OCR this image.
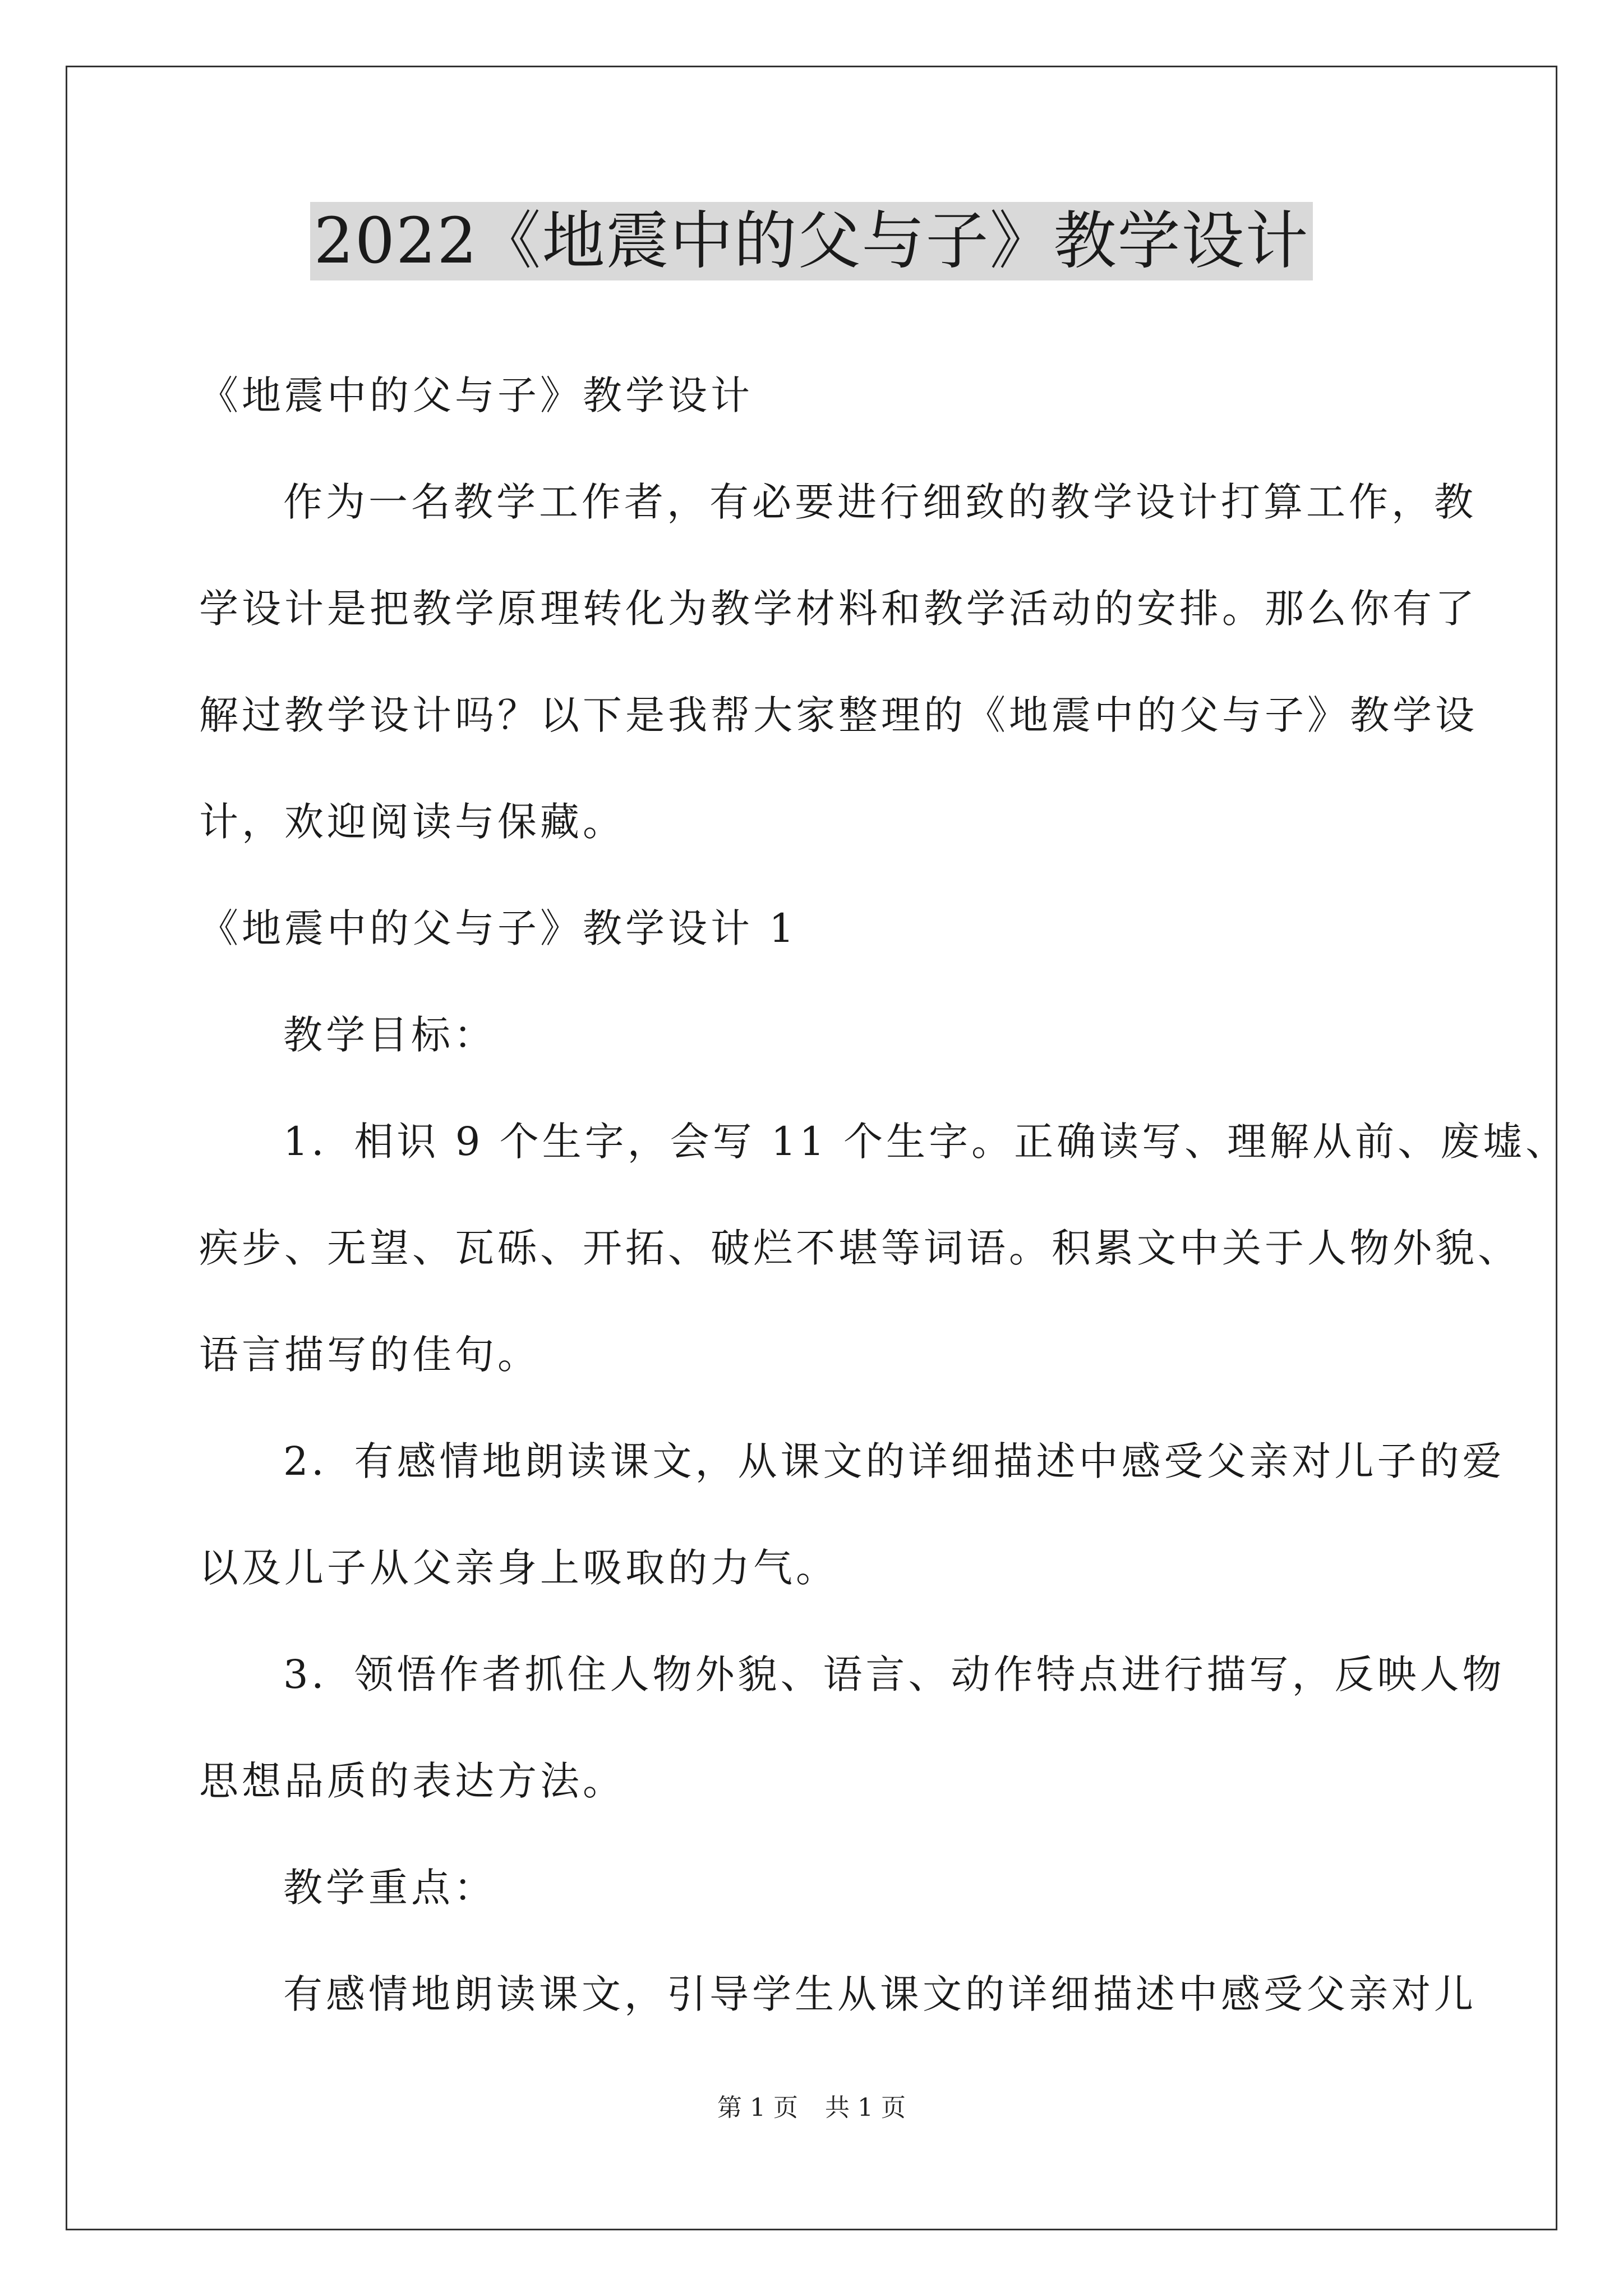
2022《地震中的父与子》教学设计
《地震中的父与子》教学设计
作为一名教学工作者，有必要进行细致的教学设计打算工作，教
学设计是把教学原理转化为教学材料和教学活动的安排。那么你有了
解过教学设计吗？以下是我帮大家整理的《地震中的父与子》教学设
计，欢迎阅读与保藏。
《地震中的父与子》教学设计 1
教学目标：
1．相识 9 个生字，会写 11 个生字。正确读写、理解从前、废墟、
疾步、无望、瓦砾、开拓、破烂不堪等词语。积累文中关于人物外貌、
语言描写的佳句。
2．有感情地朗读课文，从课文的详细描述中感受父亲对儿子的爱
以及儿子从父亲身上吸取的力气。
3．领悟作者抓住人物外貌、语言、动作特点进行描写，反映人物
思想品质的表达方法。
教学重点：
有感情地朗读课文，引导学生从课文的详细描述中感受父亲对儿
第 1 页 共 1 页
